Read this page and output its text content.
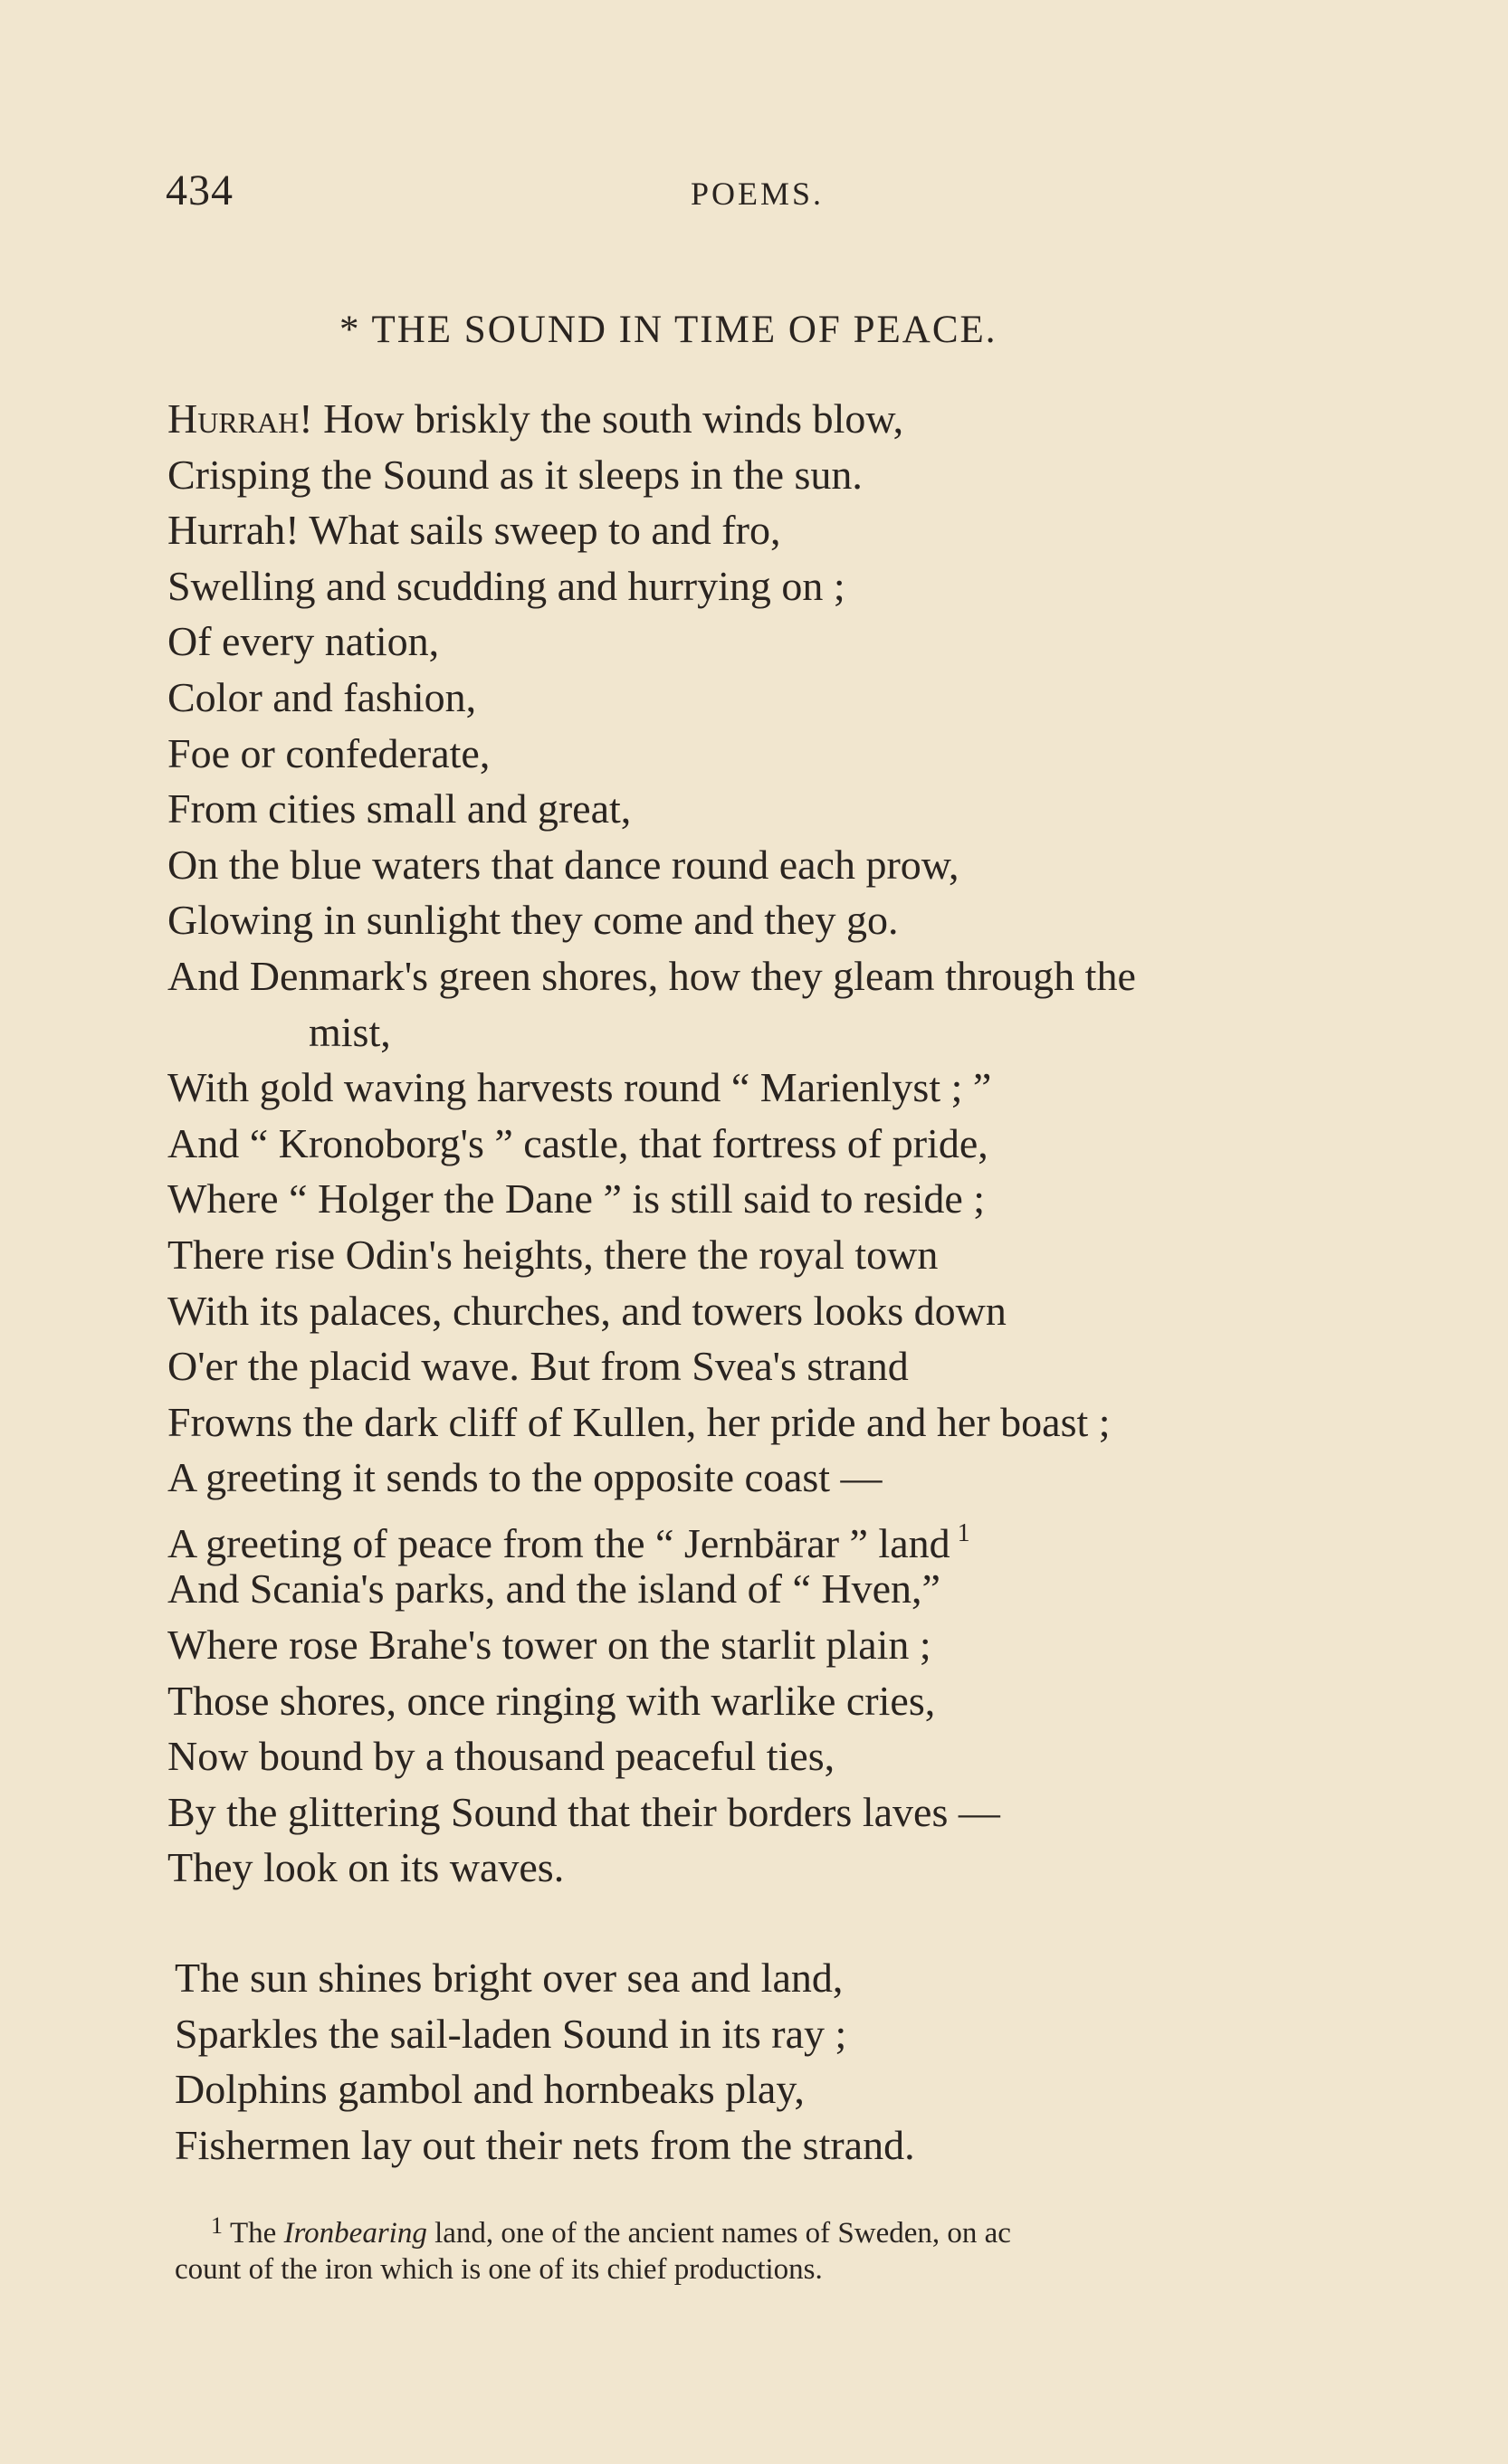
434	POEMS.
* THE SOUND IN TIME OF PEACE.
Hurrah! How briskly the south winds blow,
Crisping the Sound as it sleeps in the sun.
Hurrah! What sails sweep to and fro,
Swelling and scudding and hurrying on ;
Of every nation,
Color and fashion,
Foe or confederate,
From cities small and great,
On the blue waters that dance round each prow,
Glowing in sunlight they come and they go.
And Denmark's green shores, how they gleam through the
mist,
With gold waving harvests round “ Marienlyst ; ”
And “ Kronoborg's ” castle, that fortress of pride,
Where “ Holger the Dane ” is still said to reside ;
There rise Odin's heights, there the royal town
With its palaces, churches, and towers looks down
O'er the placid wave. But from Svea's strand
Frowns the dark cliff of Kullen, her pride and her boast ;
A greeting it sends to the opposite coast —
A greeting of peace from the “ Jernbärar ” land $^1$
And Scania's parks, and the island of “ Hven,”
Where rose Brahe's tower on the starlit plain ;
Those shores, once ringing with warlike cries,
Now bound by a thousand peaceful ties,
By the glittering Sound that their borders laves —
They look on its waves.
The sun shines bright over sea and land,
Sparkles the sail-laden Sound in its ray ;
Dolphins gambol and hornbeaks play,
Fishermen lay out their nets from the strand.
$^1$ The Ironbearing land, one of the ancient names of Sweden, on ac
count of the iron which is one of its chief productions.
